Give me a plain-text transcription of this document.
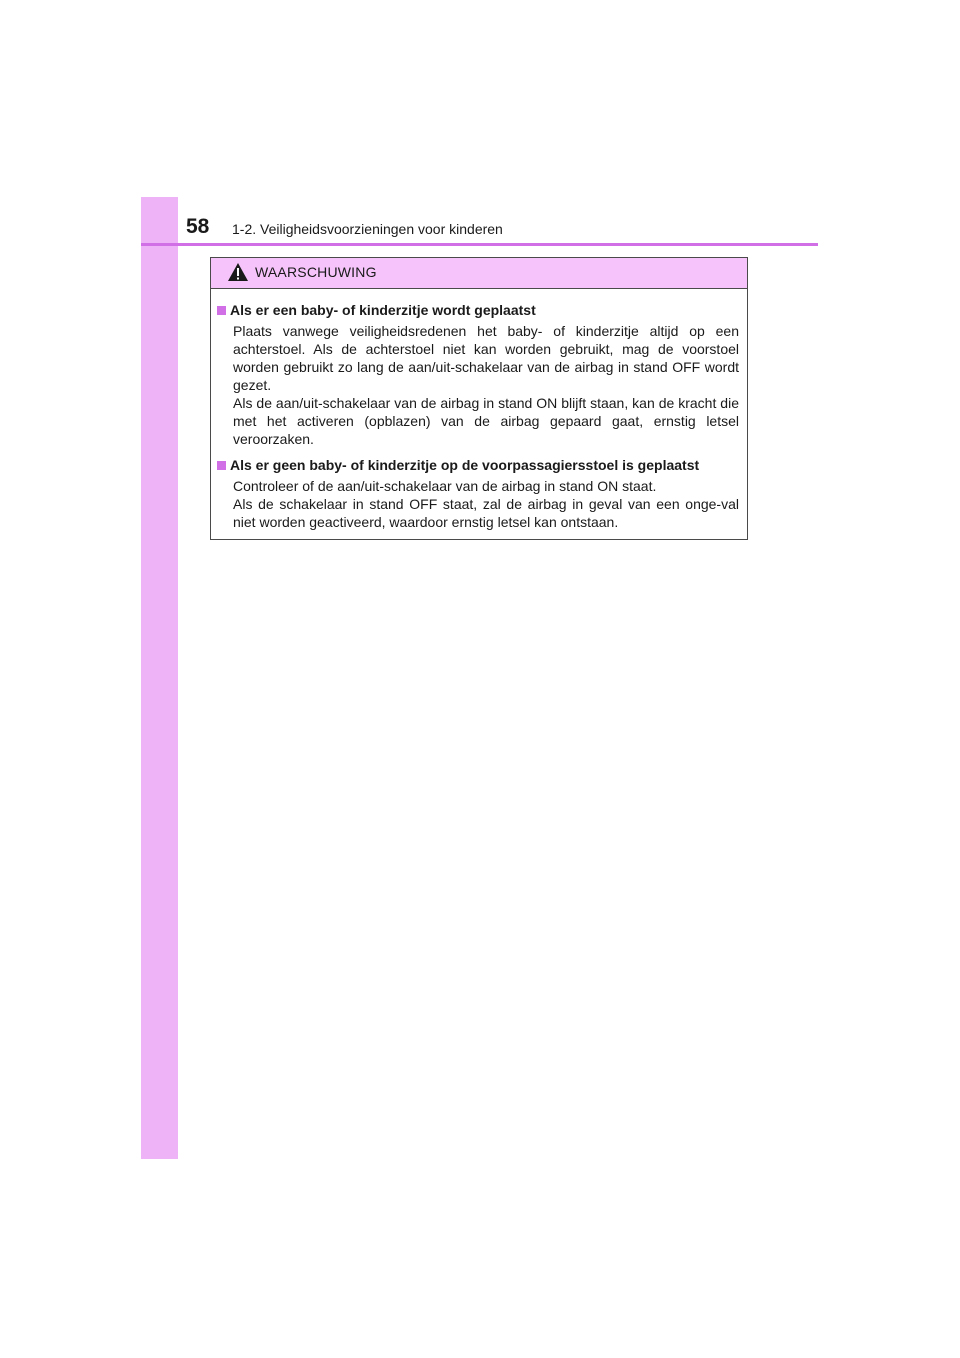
58 1-2. Veiligheidsvoorzieningen voor kinderen
WAARSCHUWING
Als er een baby- of kinderzitje wordt geplaatst

Plaats vanwege veiligheidsredenen het baby- of kinderzitje altijd op een achterstoel. Als de achterstoel niet kan worden gebruikt, mag de voorstoel worden gebruikt zo lang de aan/uit-schakelaar van de airbag in stand OFF wordt gezet.

Als de aan/uit-schakelaar van de airbag in stand ON blijft staan, kan de kracht die met het activeren (opblazen) van de airbag gepaard gaat, ernstig letsel veroorzaken.

Als er geen baby- of kinderzitje op de voorpassagiersstoel is geplaatst

Controleer of de aan/uit-schakelaar van de airbag in stand ON staat.

Als de schakelaar in stand OFF staat, zal de airbag in geval van een onge-val niet worden geactiveerd, waardoor ernstig letsel kan ontstaan.
